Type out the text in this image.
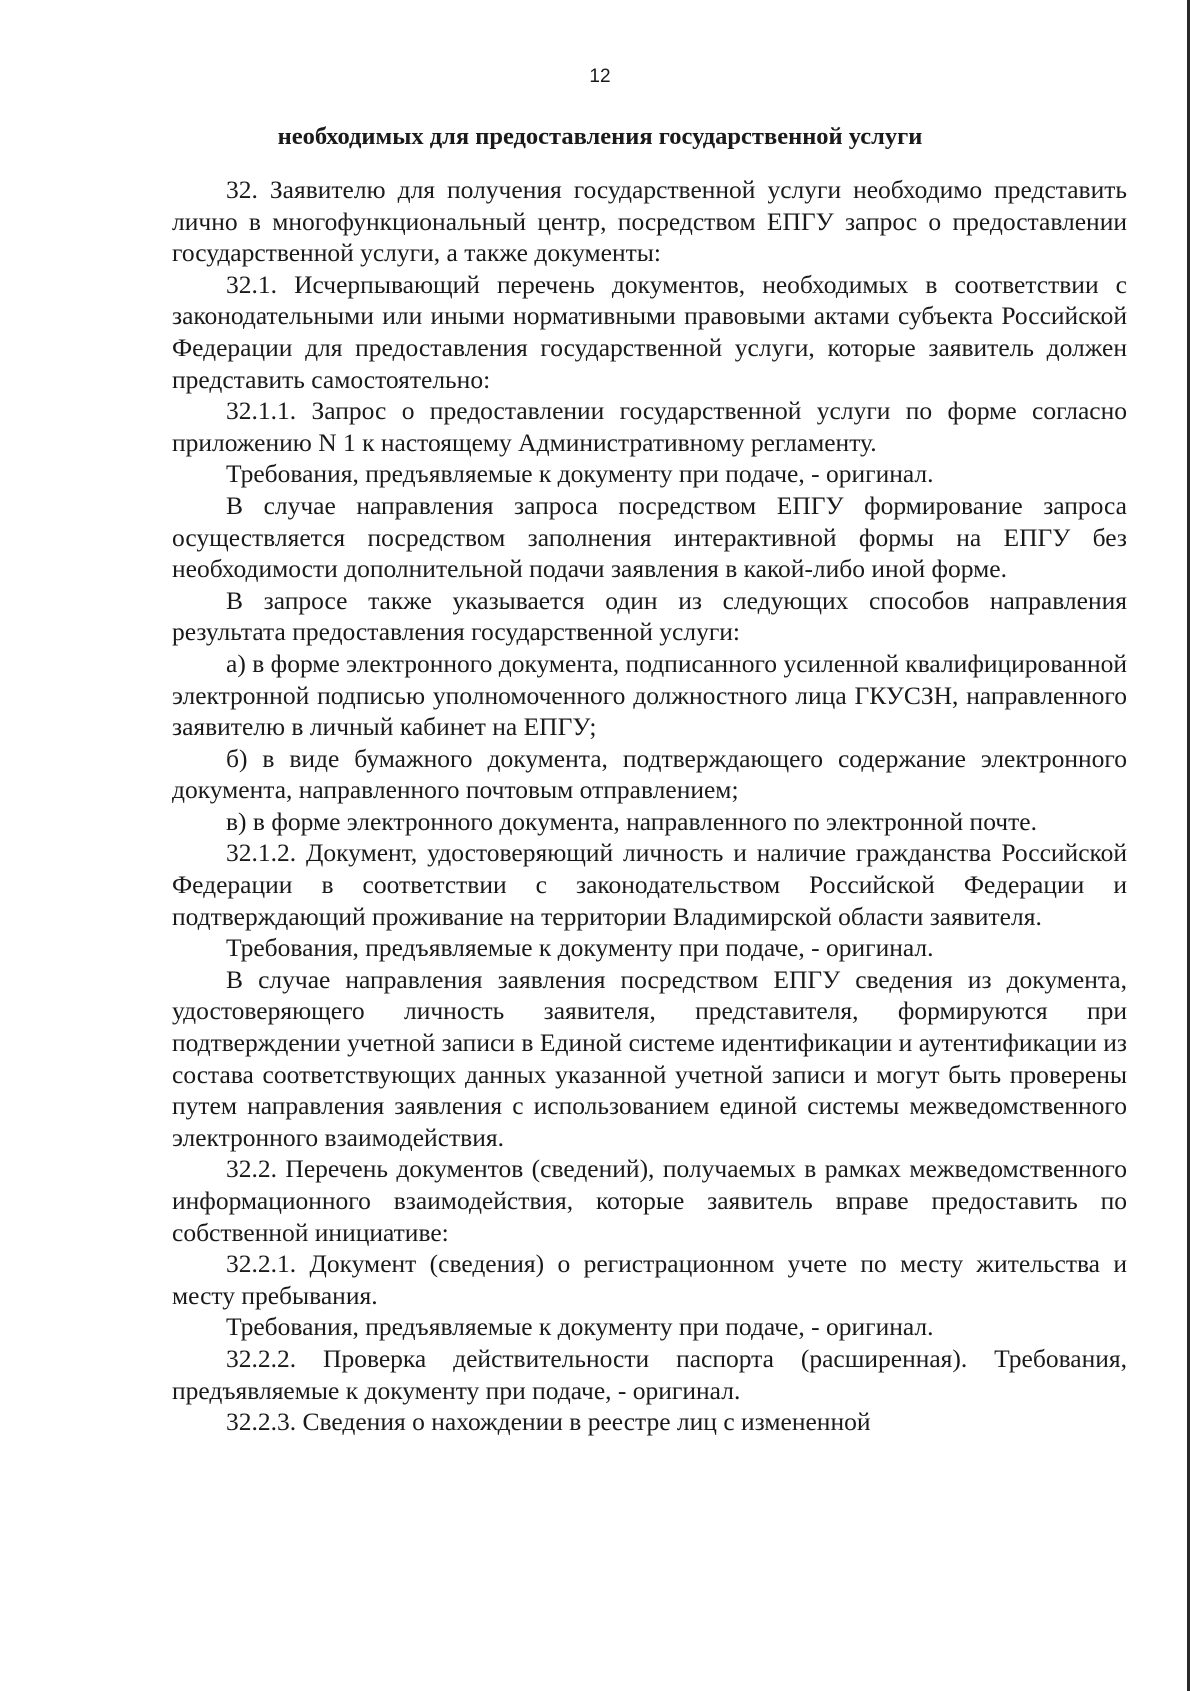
12
необходимых для предоставления государственной услуги

32. Заявителю для получения государственной услуги необходимо представить лично в многофункциональный центр, посредством ЕПГУ запрос о предоставлении государственной услуги, а также документы:

32.1. Исчерпывающий перечень документов, необходимых в соответствии с законодательными или иными нормативными правовыми актами субъекта Российской Федерации для предоставления государственной услуги, которые заявитель должен представить самостоятельно:

32.1.1. Запрос о предоставлении государственной услуги по форме согласно приложению N 1 к настоящему Административному регламенту.

Требования, предъявляемые к документу при подаче, - оригинал.

В случае направления запроса посредством ЕПГУ формирование запроса осуществляется посредством заполнения интерактивной формы на ЕПГУ без необходимости дополнительной подачи заявления в какой-либо иной форме.

В запросе также указывается один из следующих способов направления результата предоставления государственной услуги:

а) в форме электронного документа, подписанного усиленной квалифицированной электронной подписью уполномоченного должностного лица ГКУСЗН, направленного заявителю в личный кабинет на ЕПГУ;

б) в виде бумажного документа, подтверждающего содержание электронного документа, направленного почтовым отправлением;

в) в форме электронного документа, направленного по электронной почте.

32.1.2. Документ, удостоверяющий личность и наличие гражданства Российской Федерации в соответствии с законодательством Российской Федерации и подтверждающий проживание на территории Владимирской области заявителя.

Требования, предъявляемые к документу при подаче, - оригинал.

В случае направления заявления посредством ЕПГУ сведения из документа, удостоверяющего личность заявителя, представителя, формируются при подтверждении учетной записи в Единой системе идентификации и аутентификации из состава соответствующих данных указанной учетной записи и могут быть проверены путем направления заявления с использованием единой системы межведомственного электронного взаимодействия.

32.2. Перечень документов (сведений), получаемых в рамках межведомственного информационного взаимодействия, которые заявитель вправе предоставить по собственной инициативе:

32.2.1. Документ (сведения) о регистрационном учете по месту жительства и месту пребывания.

Требования, предъявляемые к документу при подаче, - оригинал.

32.2.2. Проверка действительности паспорта (расширенная). Требования, предъявляемые к документу при подаче, - оригинал.

32.2.3. Сведения о нахождении в реестре лиц с измененной
